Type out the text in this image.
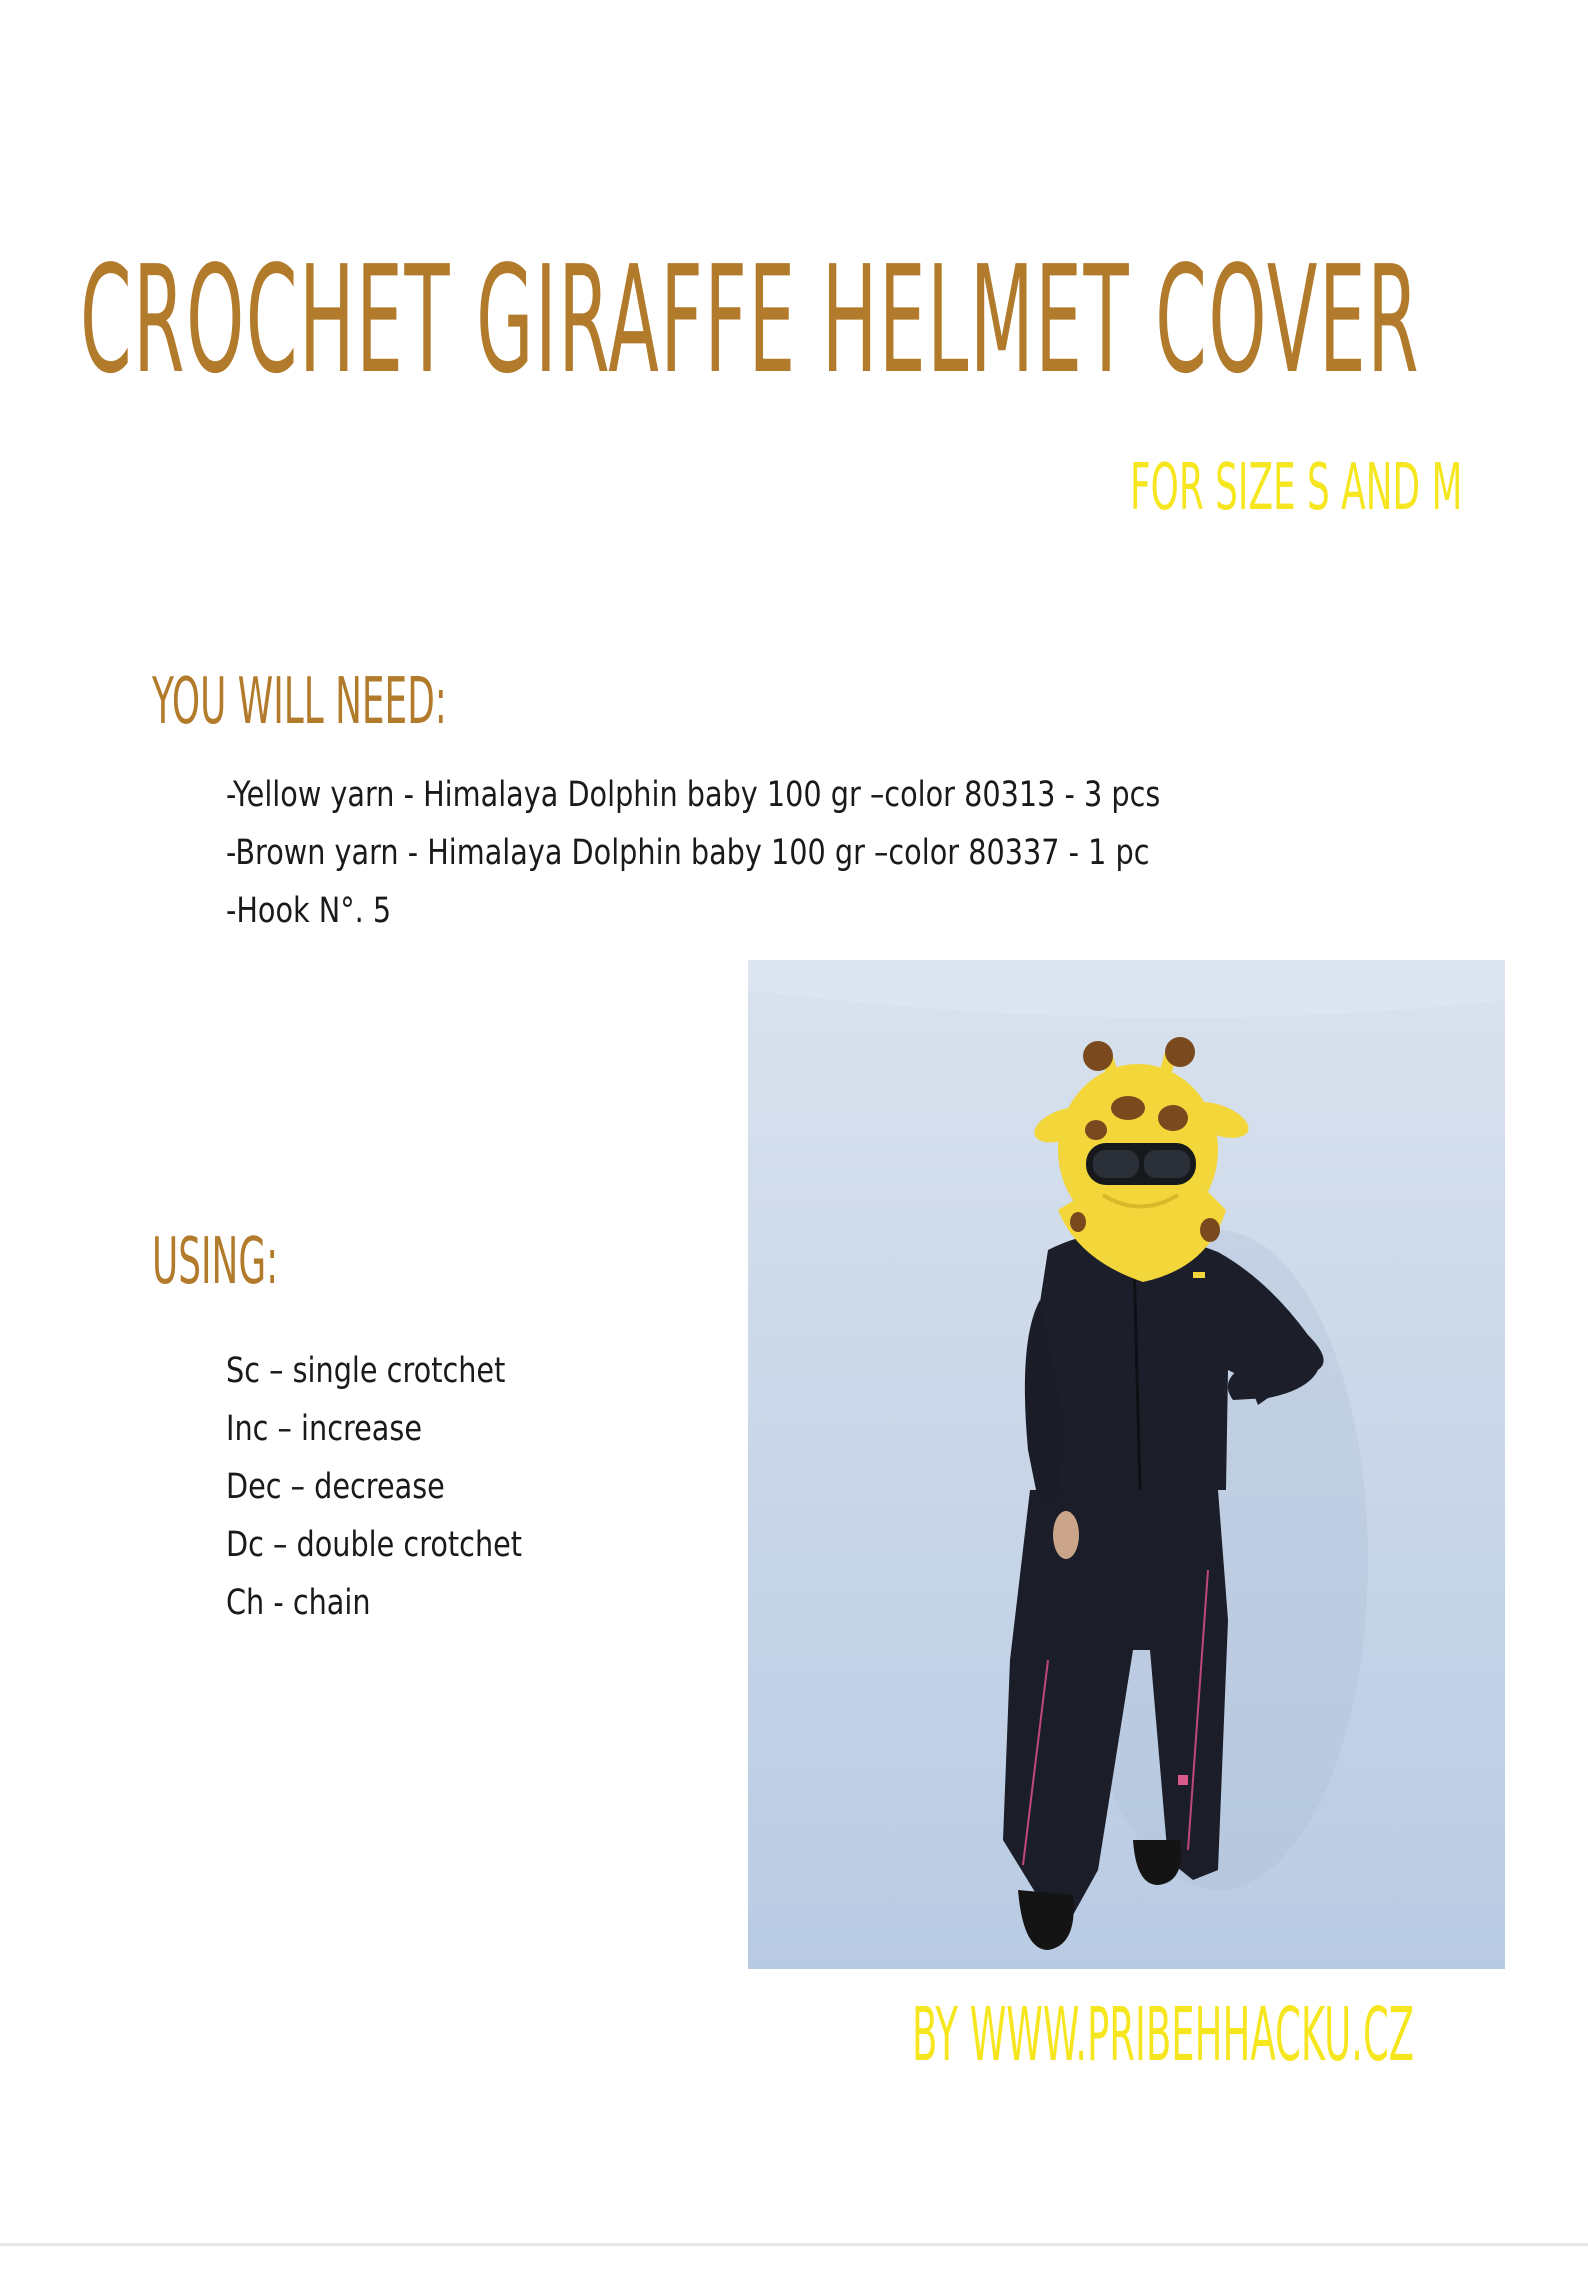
CROCHET GIRAFFE HELMET COVER

FOR SIZE S AND M

YOU WILL NEED:
-Yellow yarn - Himalaya Dolphin baby 100 gr –color 80313 - 3 pcs
-Brown yarn - Himalaya Dolphin baby 100 gr –color 80337 - 1 pc
-Hook N°. 5
USING:
Sc – single crotchet
Inc – increase
Dec – decrease
Dc – double crotchet
Ch - chain

BY WWW.PRIBEHHACKU.CZ
